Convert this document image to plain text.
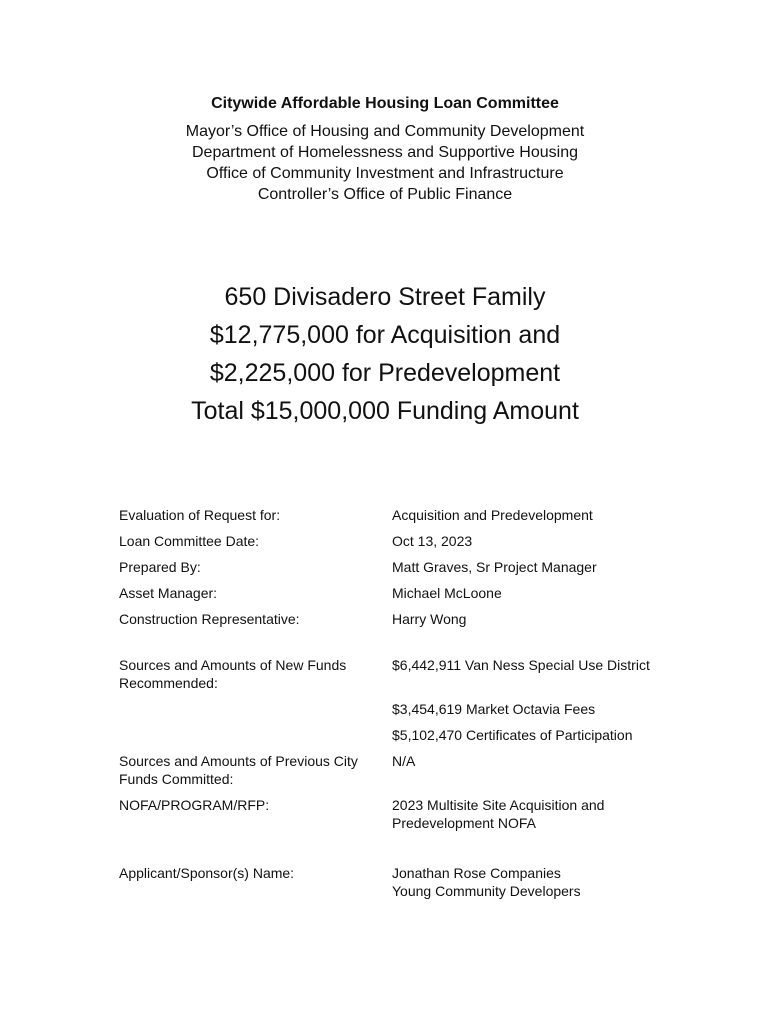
Citywide Affordable Housing Loan Committee

Mayor’s Office of Housing and Community Development

Department of Homelessness and Supportive Housing

Office of Community Investment and Infrastructure

Controller’s Office of Public Finance

650 Divisadero Street Family

$12,775,000 for Acquisition and

$2,225,000 for Predevelopment

Total $15,000,000 Funding Amount

Evaluation of Request for:	Acquisition and Predevelopment
Loan Committee Date:	Oct 13, 2023
Prepared By:	Matt Graves, Sr Project Manager
Asset Manager:	Michael McLoone
Construction Representative:	Harry Wong
Sources and Amounts of New Funds Recommended:
$6,442,911 Van Ness Special Use District
$3,454,619 Market Octavia Fees
$5,102,470 Certificates of Participation
Sources and Amounts of Previous City Funds Committed:
N/A
NOFA/PROGRAM/RFP:	2023 Multisite Site Acquisition and Predevelopment NOFA
Applicant/Sponsor(s) Name:	Jonathan Rose Companies
Young Community Developers
